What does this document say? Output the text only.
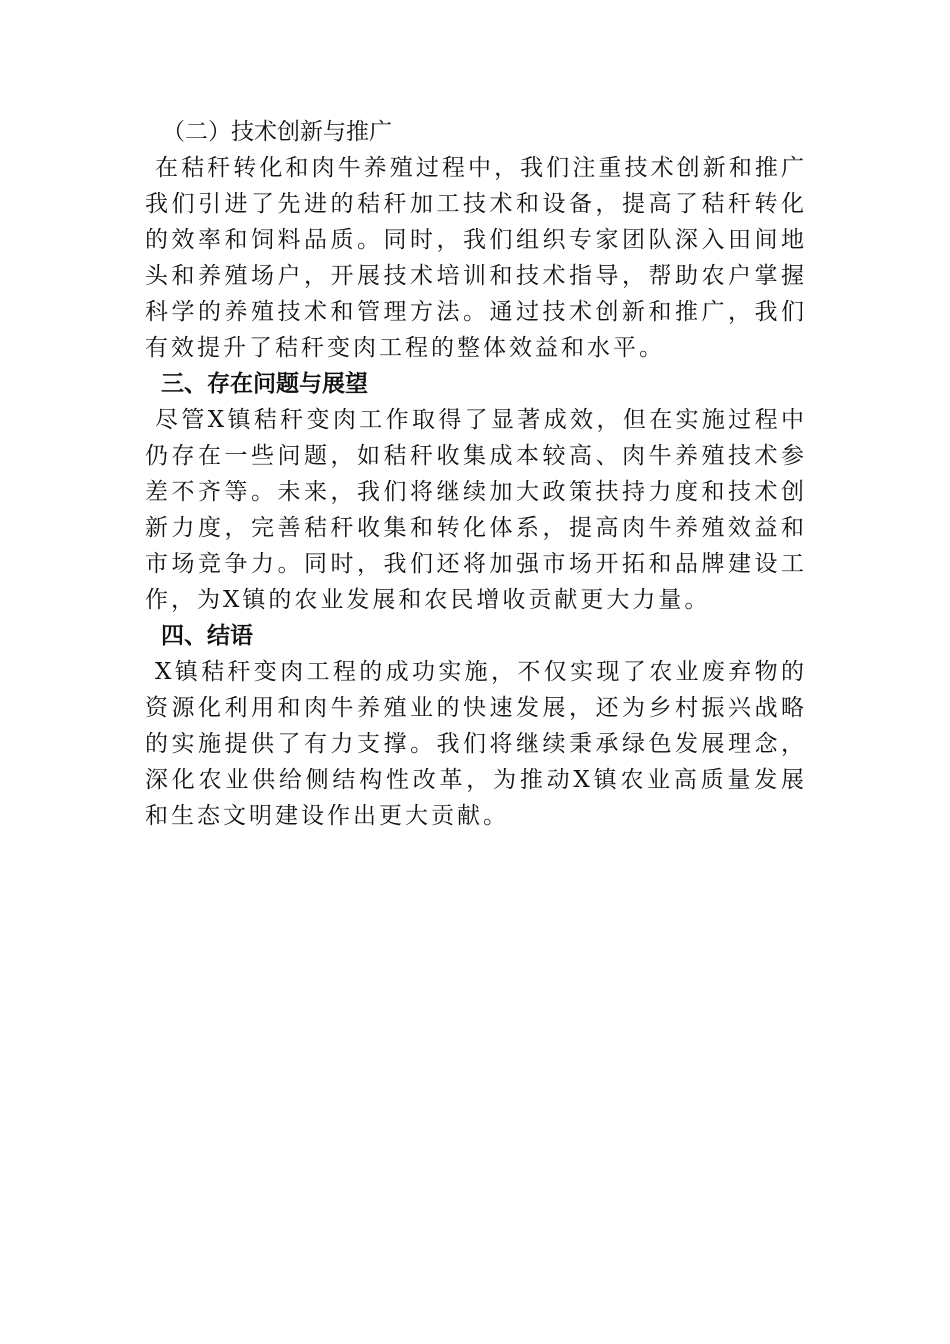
（二）技术创新与推广

在秸秆转化和肉牛养殖过程中，我们注重技术创新和推广我们引进了先进的秸秆加工技术和设备，提高了秸秆转化的效率和饲料品质。同时，我们组织专家团队深入田间地头和养殖场户，开展技术培训和技术指导，帮助农户掌握科学的养殖技术和管理方法。通过技术创新和推广，我们有效提升了秸秆变肉工程的整体效益和水平。

三、存在问题与展望

尽管X镇秸秆变肉工作取得了显著成效，但在实施过程中仍存在一些问题，如秸秆收集成本较高、肉牛养殖技术参差不齐等。未来，我们将继续加大政策扶持力度和技术创新力度，完善秸秆收集和转化体系，提高肉牛养殖效益和市场竞争力。同时，我们还将加强市场开拓和品牌建设工作，为X镇的农业发展和农民增收贡献更大力量。

四、结语

X镇秸秆变肉工程的成功实施，不仅实现了农业废弃物的资源化利用和肉牛养殖业的快速发展，还为乡村振兴战略的实施提供了有力支撑。我们将继续秉承绿色发展理念，深化农业供给侧结构性改革，为推动X镇农业高质量发展和生态文明建设作出更大贡献。
